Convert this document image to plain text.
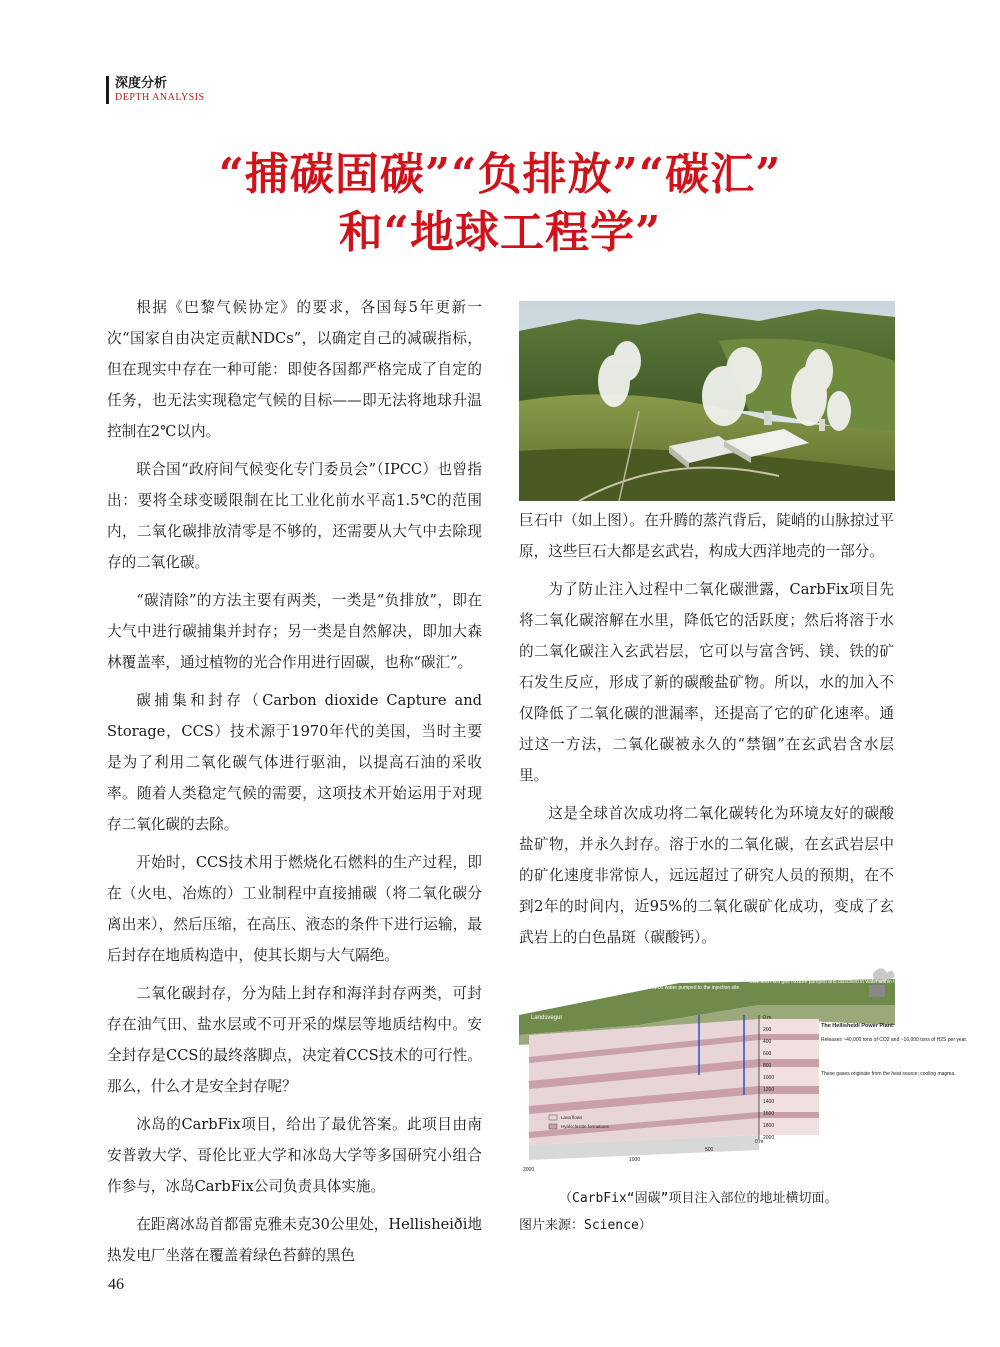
深度分析
DEPTH ANALYSIS
“捕碳固碳”“负排放”“碳汇”
和“地球工程学”

根据《巴黎气候协定》的要求，各国每5年更新一次“国家自由决定贡献NDCs”，以确定自己的减碳指标，但在现实中存在一种可能：即使各国都严格完成了自定的任务，也无法实现稳定气候的目标——即无法将地球升温控制在2℃以内。

联合国“政府间气候变化专门委员会”（IPCC）也曾指出：要将全球变暖限制在比工业化前水平高1.5℃的范围内，二氧化碳排放清零是不够的，还需要从大气中去除现存的二氧化碳。

“碳清除”的方法主要有两类，一类是“负排放”，即在大气中进行碳捕集并封存；另一类是自然解决，即加大森林覆盖率，通过植物的光合作用进行固碳，也称“碳汇”。

碳捕集和封存（Carbon dioxide Capture and Storage，CCS）技术源于1970年代的美国，当时主要是为了利用二氧化碳气体进行驱油，以提高石油的采收率。随着人类稳定气候的需要，这项技术开始运用于对现存二氧化碳的去除。

开始时，CCS技术用于燃烧化石燃料的生产过程，即在（火电、冶炼的）工业制程中直接捕碳（将二氧化碳分离出来），然后压缩，在高压、液态的条件下进行运输，最后封存在地质构造中，使其长期与大气隔绝。

二氧化碳封存，分为陆上封存和海洋封存两类，可封存在油气田、盐水层或不可开采的煤层等地质结构中。安全封存是CCS的最终落脚点，决定着CCS技术的可行性。那么，什么才是安全封存呢？

冰岛的CarbFix项目，给出了最优答案。此项目由南安普敦大学、哥伦比亚大学和冰岛大学等多国研究小组合作参与，冰岛CarbFix公司负责具体实施。

在距离冰岛首都雷克雅未克30公里处，Hellisheiði地热发电厂坐落在覆盖着绿色苔藓的黑色

巨石中（如上图）。在升腾的蒸汽背后，陡峭的山脉掠过平原，这些巨石大都是玄武岩，构成大西洋地壳的一部分。

为了防止注入过程中二氧化碳泄露，CarbFix项目先将二氧化碳溶解在水里，降低它的活跃度；然后将溶于水的二氧化碳注入玄武岩层，它可以与富含钙、镁、铁的矿石发生反应，形成了新的碳酸盐矿物。所以，水的加入不仅降低了二氧化碳的泄漏率，还提高了它的矿化速率。通过这一方法，二氧化碳被永久的“禁锢”在玄武岩含水层里。

这是全球首次成功将二氧化碳转化为环境友好的碳酸盐矿物，并永久封存。溶于水的二氧化碳，在玄武岩层中的矿化速度非常惊人，远远超过了研究人员的预期，在不到2年的时间内，近95%的二氧化碳矿化成功，变成了玄武岩上的白色晶斑（碳酸钙）。

Landsvegur
HN-01 water pumped to the injection site
CO2 and H2S gas mixture pumped and dissolved in water within the injection well HN-02
The Hellisheidi Power Plant:
Releases ~40,000 tons of CO2 and ~16,000 tons of H2S per year.
These gases originate from the heat source; cooling magma.
0 m
200
400
600
800
1000
1200
1400
1600
1800
2000
Lava flows
Hyaloclastite formations
2000
1000
500
0 m
（CarbFix“固碳”项目注入部位的地址横切面。
图片来源：Science）
46
